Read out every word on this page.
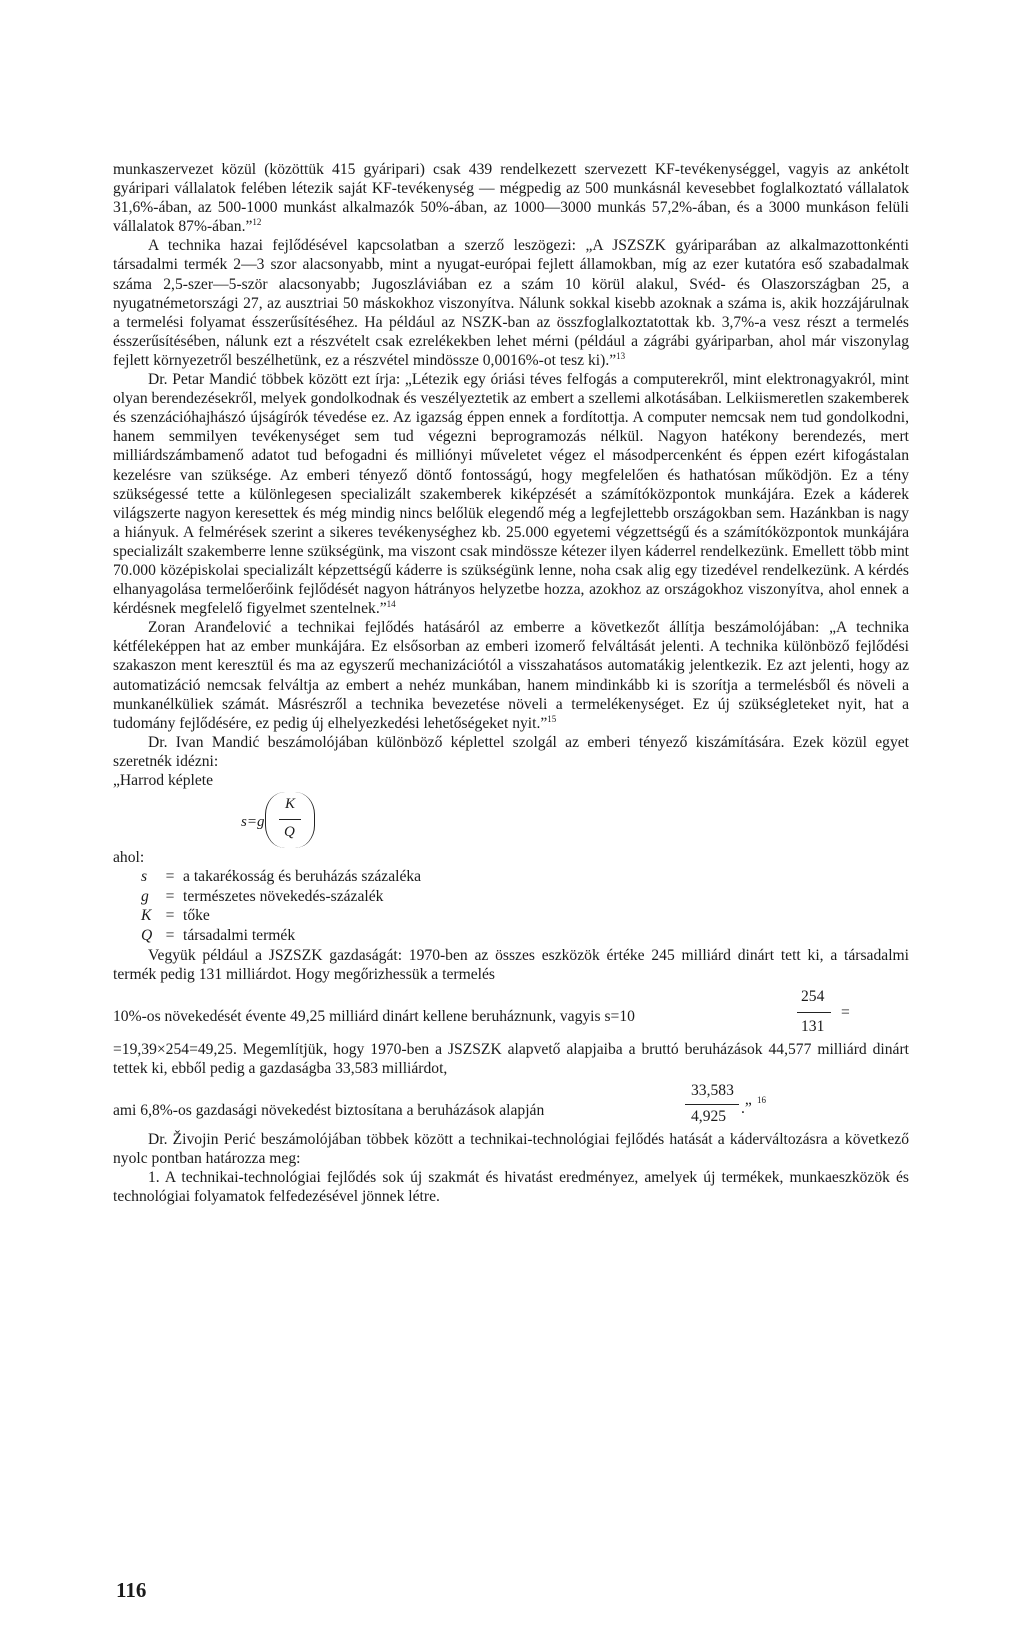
munkaszervezet közül (közöttük 415 gyáripari) csak 439 rendelkezett szervezett KF-tevékenységgel, vagyis az ankétolt gyáripari vállalatok felében létezik saját KF-tevékenység — mégpedig az 500 munkásnál kevesebbet foglalkoztató vállalatok 31,6%-ában, az 500-1000 munkást alkalmazók 50%-ában, az 1000—3000 munkás 57,2%-ában, és a 3000 munkáson felüli vállalatok 87%-ában.”$^{12}$

A technika hazai fejlődésével kapcsolatban a szerző leszögezi: „A JSZSZK gyáriparában az alkalmazottonkénti társadalmi termék 2—3 szor alacsonyabb, mint a nyugat-európai fejlett államokban, míg az ezer kutatóra eső szabadalmak száma 2,5-szer—5-ször alacsonyabb; Jugoszláviában ez a szám 10 körül alakul, Svéd- és Olaszországban 25, a nyugatnémetországi 27, az ausztriai 50 máskokhoz viszonyítva. Nálunk sokkal kisebb azoknak a száma is, akik hozzájárulnak a termelési folyamat ésszerűsítéséhez. Ha például az NSZK-ban az összfoglalkoztatottak kb. 3,7%-a vesz részt a termelés ésszerűsítésében, nálunk ezt a részvételt csak ezrelékekben lehet mérni (például a zágrábi gyáriparban, ahol már viszonylag fejlett környezetről beszélhetünk, ez a részvétel mindössze 0,0016%-ot tesz ki).”$^{13}$

Dr. Petar Mandić többek között ezt írja: „Létezik egy óriási téves felfogás a computerekről, mint elektronagyakról, mint olyan berendezésekről, melyek gondolkodnak és veszélyeztetik az embert a szellemi alkotásában. Lelkiismeretlen szakemberek és szenzációhajhászó újságírók tévedése ez. Az igazság éppen ennek a fordítottja. A computer nemcsak nem tud gondolkodni, hanem semmilyen tevékenységet sem tud végezni beprogramozás nélkül. Nagyon hatékony berendezés, mert milliárdszámbamenő adatot tud befogadni és milliónyi műveletet végez el másodpercenként és éppen ezért kifogástalan kezelésre van szüksége. Az emberi tényező döntő fontosságú, hogy megfelelően és hathatósan működjön. Ez a tény szükségessé tette a különlegesen specializált szakemberek kiképzését a számítóközpontok munkájára. Ezek a káderek világszerte nagyon keresettek és még mindig nincs belőlük elegendő még a legfejlettebb országokban sem. Hazánkban is nagy a hiányuk. A felmérések szerint a sikeres tevékenységhez kb. 25.000 egyetemi végzettségű és a számítóközpontok munkájára specializált szakemberre lenne szükségünk, ma viszont csak mindössze kétezer ilyen káderrel rendelkezünk. Emellett több mint 70.000 középiskolai specializált képzettségű káderre is szükségünk lenne, noha csak alig egy tizedével rendelkezünk. A kérdés elhanyagolása termelőerőink fejlődését nagyon hátrányos helyzetbe hozza, azokhoz az országokhoz viszonyítva, ahol ennek a kérdésnek megfelelő figyelmet szentelnek.”$^{14}$

Zoran Aranđelović a technikai fejlődés hatásáról az emberre a következőt állítja beszámolójában: „A technika kétféleképpen hat az ember munkájára. Ez elsősorban az emberi izomerő felváltását jelenti. A technika különböző fejlődési szakaszon ment keresztül és ma az egyszerű mechanizációtól a visszahatásos automatákig jelentkezik. Ez azt jelenti, hogy az automatizáció nemcsak felváltja az embert a nehéz munkában, hanem mindinkább ki is szorítja a termelésből és növeli a munkanélküliek számát. Másrészről a technika bevezetése növeli a termelékenységet. Ez új szükségleteket nyit, hat a tudomány fejlődésére, ez pedig új elhelyezkedési lehetőségeket nyit.”$^{15}$

Dr. Ivan Mandić beszámolójában különböző képlettel szolgál az emberi tényező kiszámítására. Ezek közül egyet szeretnék idézni:

„Harrod képlete

s=g
K
Q

ahol:

s = a takarékosság és beruházás százaléka
g = természetes növekedés-százalék
K = tőke
Q = társadalmi termék

Vegyük például a JSZSZK gazdaságát: 1970-ben az összes eszközök értéke 245 milliárd dinárt tett ki, a társadalmi termék pedig 131 milliárdot. Hogy megőrizhessük a termelés

10%-os növekedését évente 49,25 milliárd dinárt kellene beruháznunk, vagyis s=10
254
131
=

=19,39×254=49,25. Megemlítjük, hogy 1970-ben a JSZSZK alapvető alapjaiba a bruttó beruházások 44,577 milliárd dinárt tettek ki, ebből pedig a gazdaságba 33,583 milliárdot,

ami 6,8%-os gazdasági növekedést biztosítana a beruházások alapján
33,583
4,925 .” 16

Dr. Živojin Perić beszámolójában többek között a technikai-technológiai fejlődés hatását a káderváltozásra a következő nyolc pontban határozza meg:

1. A technikai-technológiai fejlődés sok új szakmát és hivatást eredményez, amelyek új termékek, munkaeszközök és technológiai folyamatok felfedezésével jönnek létre.

116
